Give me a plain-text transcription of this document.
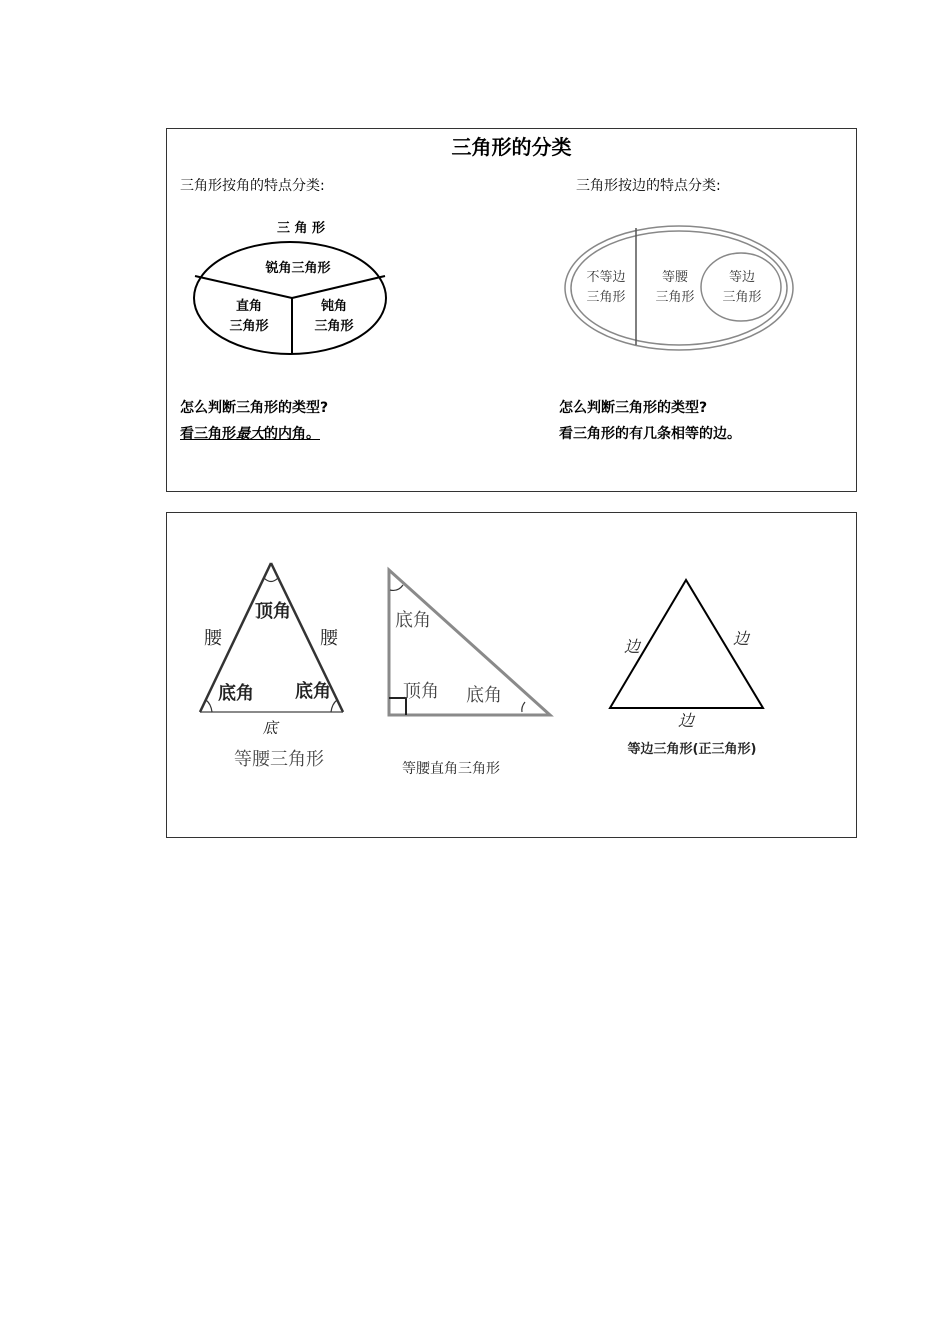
三角形的分类
三角形按角的特点分类:	三角形按边的特点分类:
三 角 形
锐角三角形
直角
三角形
钝角
三角形
不等边
三角形
等腰
三角形
等边
三角形
怎么判断三角形的类型?
看三角形最大的内角。
怎么判断三角形的类型?
看三角形的有几条相等的边。
顶角
腰	腰
底角 底角
底
等腰三角形
底角
顶角 底角
等腰直角三角形
边	边
边
等边三角形(正三角形)
